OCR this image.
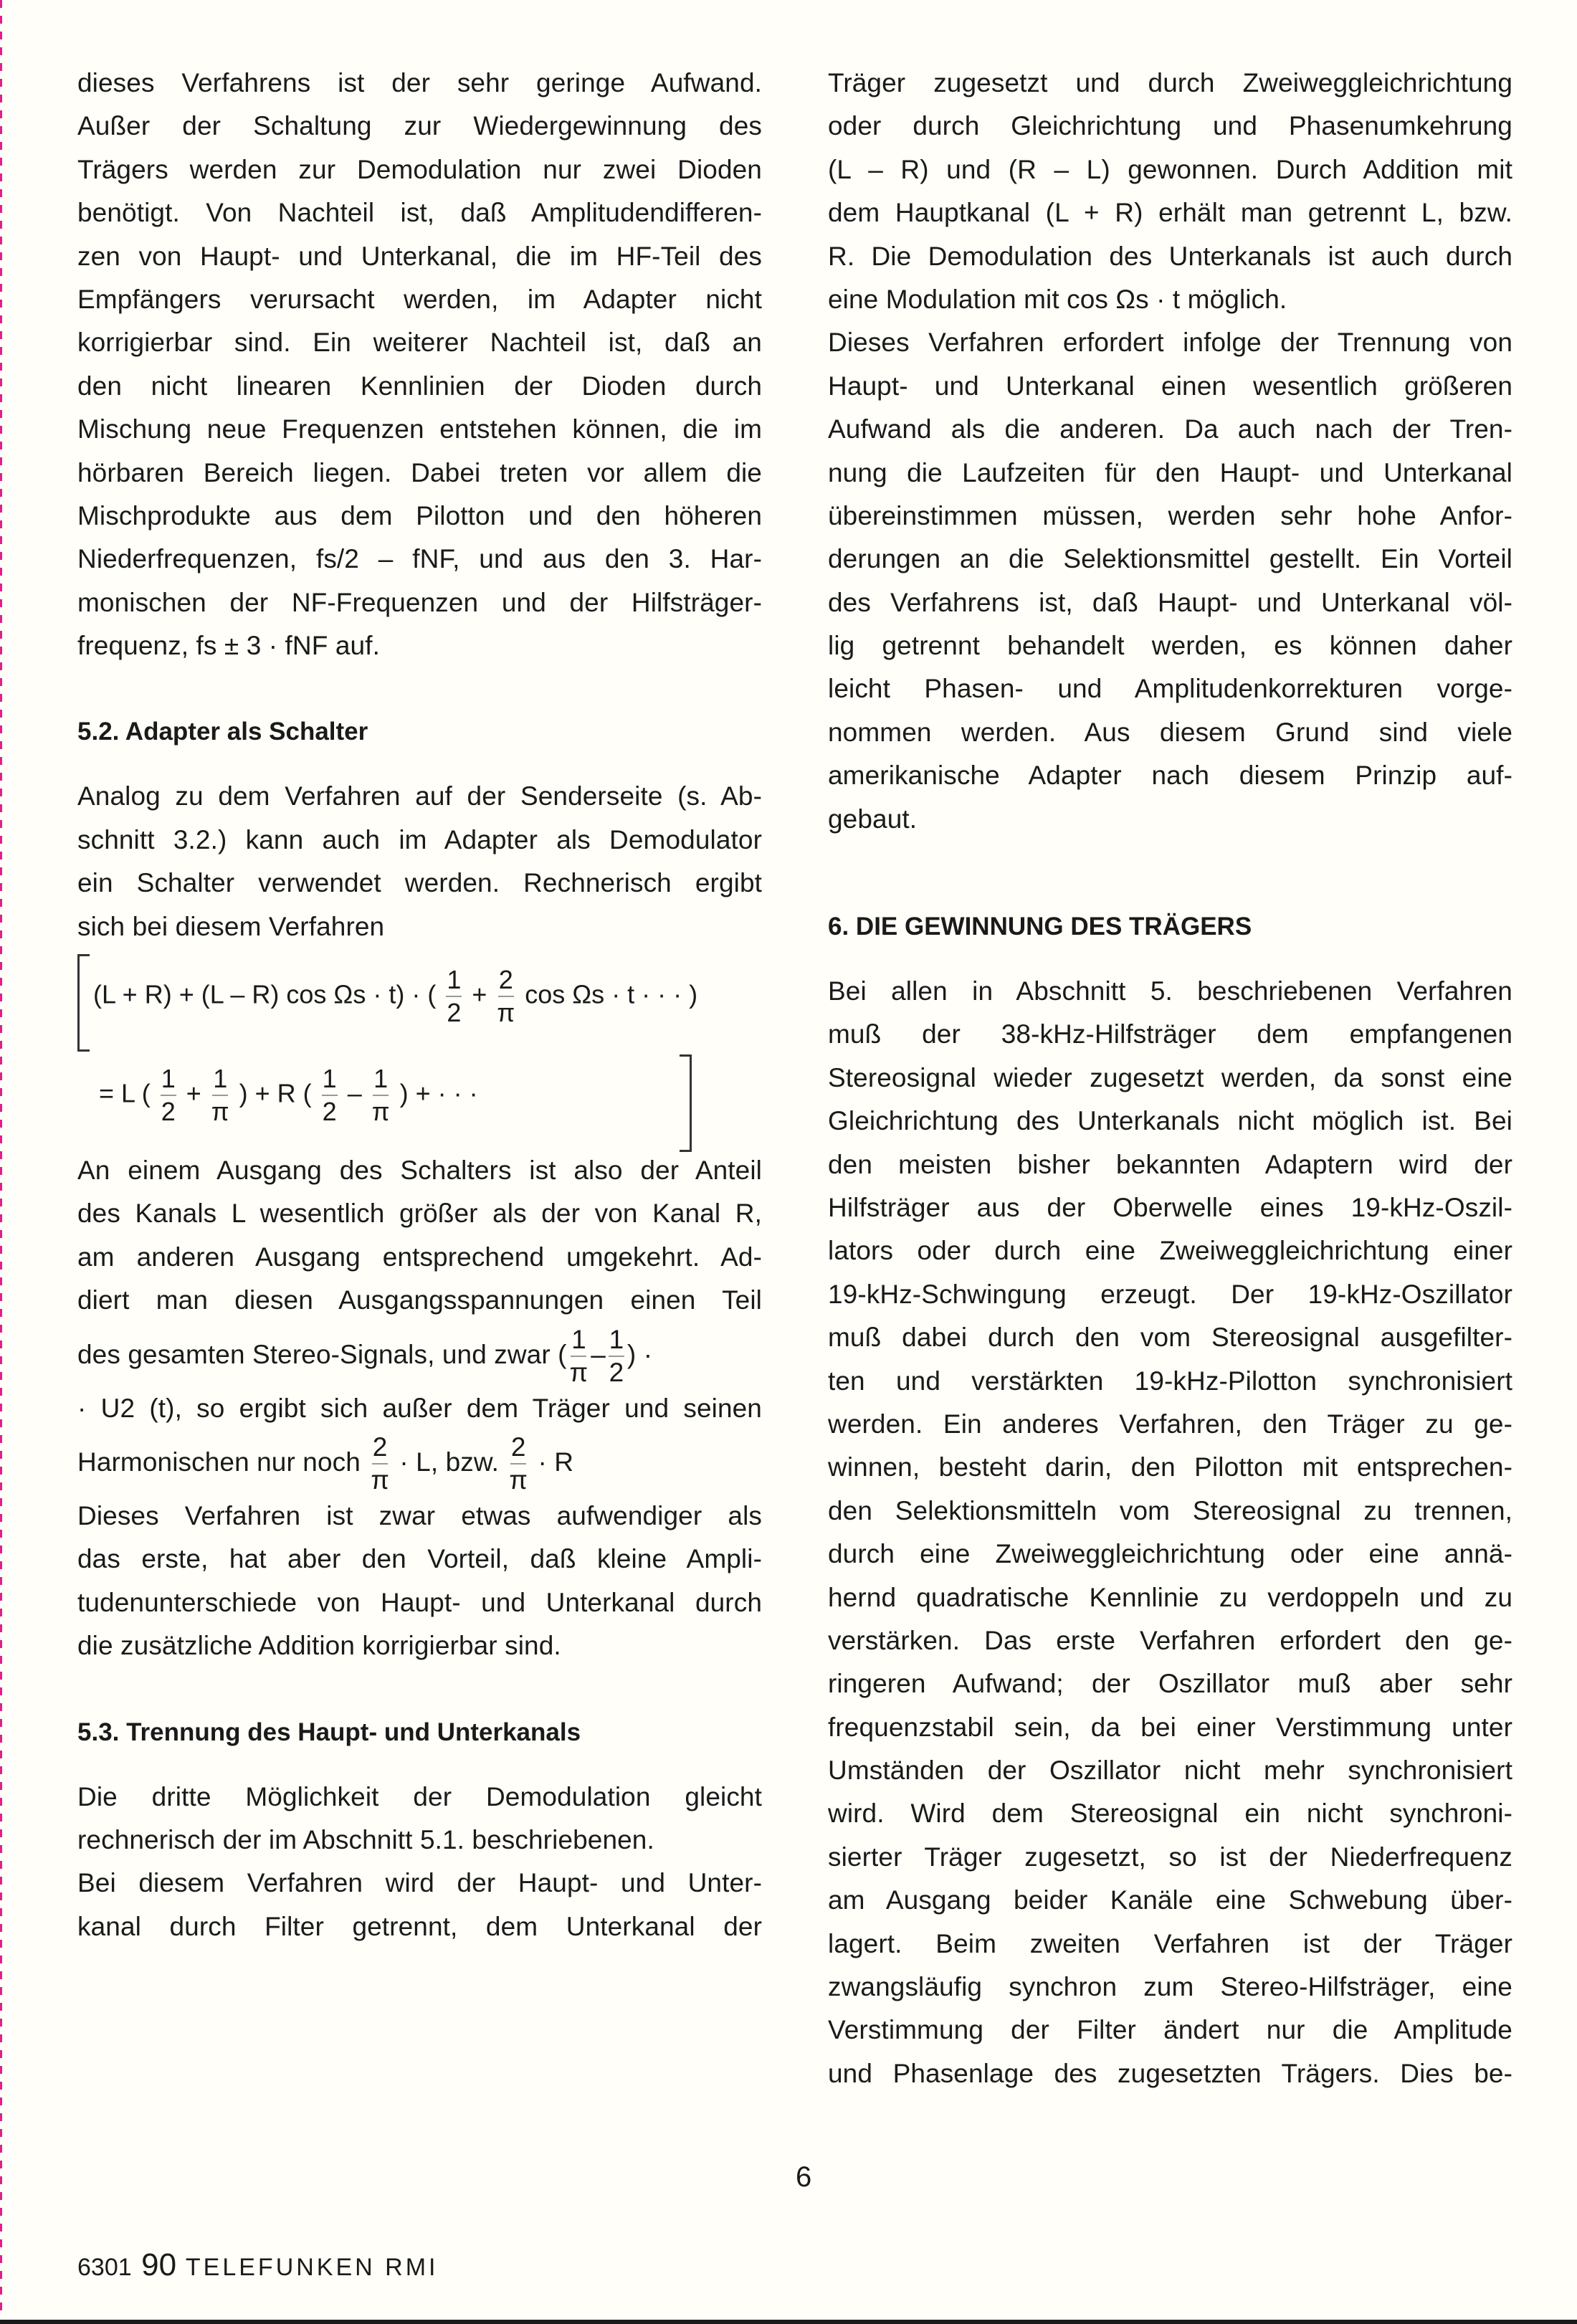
dieses Verfahrens ist der sehr geringe Aufwand.
Außer der Schaltung zur Wiedergewinnung des
Trägers werden zur Demodulation nur zwei Dioden
benötigt. Von Nachteil ist, daß Amplitudendifferen-
zen von Haupt- und Unterkanal, die im HF-Teil des
Empfängers verursacht werden, im Adapter nicht
korrigierbar sind. Ein weiterer Nachteil ist, daß an
den nicht linearen Kennlinien der Dioden durch
Mischung neue Frequenzen entstehen können, die im
hörbaren Bereich liegen. Dabei treten vor allem die
Mischprodukte aus dem Pilotton und den höheren
Niederfrequenzen, fs/2 – fNF, und aus den 3. Har-
monischen der NF-Frequenzen und der Hilfsträger-
frequenz, fs ± 3 · fNF auf.
5.2. Adapter als Schalter
Analog zu dem Verfahren auf der Senderseite (s. Ab-
schnitt 3.2.) kann auch im Adapter als Demodulator
ein Schalter verwendet werden. Rechnerisch ergibt
sich bei diesem Verfahren
(L + R) + (L – R) cos Ωs · t) · ( $\frac{1}{2} + \frac{2}{\pi}$ cos Ωs · t · · · )
= L ( $\frac{1}{2} + \frac{1}{\pi}$ ) + R ( $\frac{1}{2} - \frac{1}{\pi}$ ) + · · ·
An einem Ausgang des Schalters ist also der Anteil
des Kanals L wesentlich größer als der von Kanal R,
am anderen Ausgang entsprechend umgekehrt. Ad-
diert man diesen Ausgangsspannungen einen Teil
des gesamten Stereo-Signals, und zwar ( $\frac{1}{\pi} - \frac{1}{2}$ ) ·
· U2 (t), so ergibt sich außer dem Träger und seinen
Harmonischen nur noch $\frac{2}{\pi} \cdot L$, bzw. $\frac{2}{\pi} \cdot R$
Dieses Verfahren ist zwar etwas aufwendiger als
das erste, hat aber den Vorteil, daß kleine Ampli-
tudenunterschiede von Haupt- und Unterkanal durch
die zusätzliche Addition korrigierbar sind.
5.3. Trennung des Haupt- und Unterkanals
Die dritte Möglichkeit der Demodulation gleicht
rechnerisch der im Abschnitt 5.1. beschriebenen.
Bei diesem Verfahren wird der Haupt- und Unter-
kanal durch Filter getrennt, dem Unterkanal der
Träger zugesetzt und durch Zweiweggleichrichtung
oder durch Gleichrichtung und Phasenumkehrung
(L – R) und (R – L) gewonnen. Durch Addition mit
dem Hauptkanal (L + R) erhält man getrennt L, bzw.
R. Die Demodulation des Unterkanals ist auch durch
eine Modulation mit cos Ωs · t möglich.
Dieses Verfahren erfordert infolge der Trennung von
Haupt- und Unterkanal einen wesentlich größeren
Aufwand als die anderen. Da auch nach der Tren-
nung die Laufzeiten für den Haupt- und Unterkanal
übereinstimmen müssen, werden sehr hohe Anfor-
derungen an die Selektionsmittel gestellt. Ein Vorteil
des Verfahrens ist, daß Haupt- und Unterkanal völ-
lig getrennt behandelt werden, es können daher
leicht Phasen- und Amplitudenkorrekturen vorge-
nommen werden. Aus diesem Grund sind viele
amerikanische Adapter nach diesem Prinzip auf-
gebaut.
6. DIE GEWINNUNG DES TRÄGERS
Bei allen in Abschnitt 5. beschriebenen Verfahren
muß der 38-kHz-Hilfsträger dem empfangenen
Stereosignal wieder zugesetzt werden, da sonst eine
Gleichrichtung des Unterkanals nicht möglich ist. Bei
den meisten bisher bekannten Adaptern wird der
Hilfsträger aus der Oberwelle eines 19-kHz-Oszil-
lators oder durch eine Zweiweggleichrichtung einer
19-kHz-Schwingung erzeugt. Der 19-kHz-Oszillator
muß dabei durch den vom Stereosignal ausgefilter-
ten und verstärkten 19-kHz-Pilotton synchronisiert
werden. Ein anderes Verfahren, den Träger zu ge-
winnen, besteht darin, den Pilotton mit entsprechen-
den Selektionsmitteln vom Stereosignal zu trennen,
durch eine Zweiweggleichrichtung oder eine annä-
hernd quadratische Kennlinie zu verdoppeln und zu
verstärken. Das erste Verfahren erfordert den ge-
ringeren Aufwand; der Oszillator muß aber sehr
frequenzstabil sein, da bei einer Verstimmung unter
Umständen der Oszillator nicht mehr synchronisiert
wird. Wird dem Stereosignal ein nicht synchroni-
sierter Träger zugesetzt, so ist der Niederfrequenz
am Ausgang beider Kanäle eine Schwebung über-
lagert. Beim zweiten Verfahren ist der Träger
zwangsläufig synchron zum Stereo-Hilfsträger, eine
Verstimmung der Filter ändert nur die Amplitude
und Phasenlage des zugesetzten Trägers. Dies be-
6
6301 90 TELEFUNKEN RMI
